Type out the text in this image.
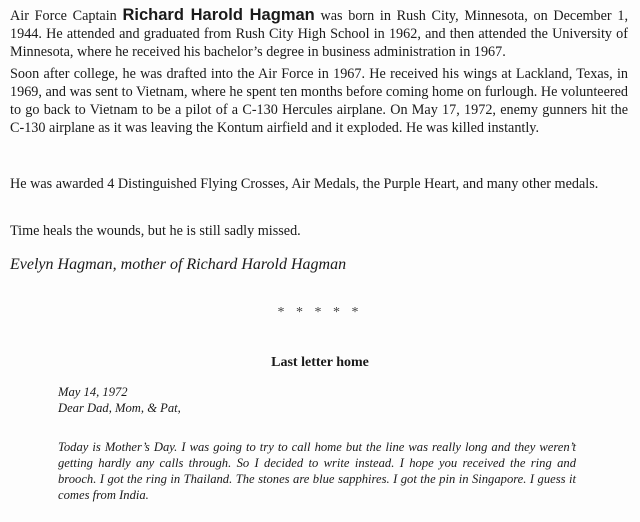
Air Force Captain Richard Harold Hagman was born in Rush City, Minnesota, on December 1, 1944. He attended and graduated from Rush City High School in 1962, and then attended the University of Minnesota, where he received his bachelor’s degree in business administration in 1967.

Soon after college, he was drafted into the Air Force in 1967. He received his wings at Lackland, Texas, in 1969, and was sent to Vietnam, where he spent ten months before coming home on furlough. He volunteered to go back to Vietnam to be a pilot of a C-130 Hercules airplane. On May 17, 1972, enemy gunners hit the C-130 airplane as it was leaving the Kontum airfield and it exploded. He was killed instantly.

He was awarded 4 Distinguished Flying Crosses, Air Medals, the Purple Heart, and many other medals.

Time heals the wounds, but he is still sadly missed.

Evelyn Hagman, mother of Richard Harold Hagman

* * * * *
Last letter home

May 14, 1972

Dear Dad, Mom, & Pat,

Today is Mother’s Day. I was going to try to call home but the line was really long and they weren’t getting hardly any calls through. So I decided to write instead. I hope you received the ring and brooch. I got the ring in Thailand. The stones are blue sapphires. I got the pin in Singapore. I guess it comes from India.
